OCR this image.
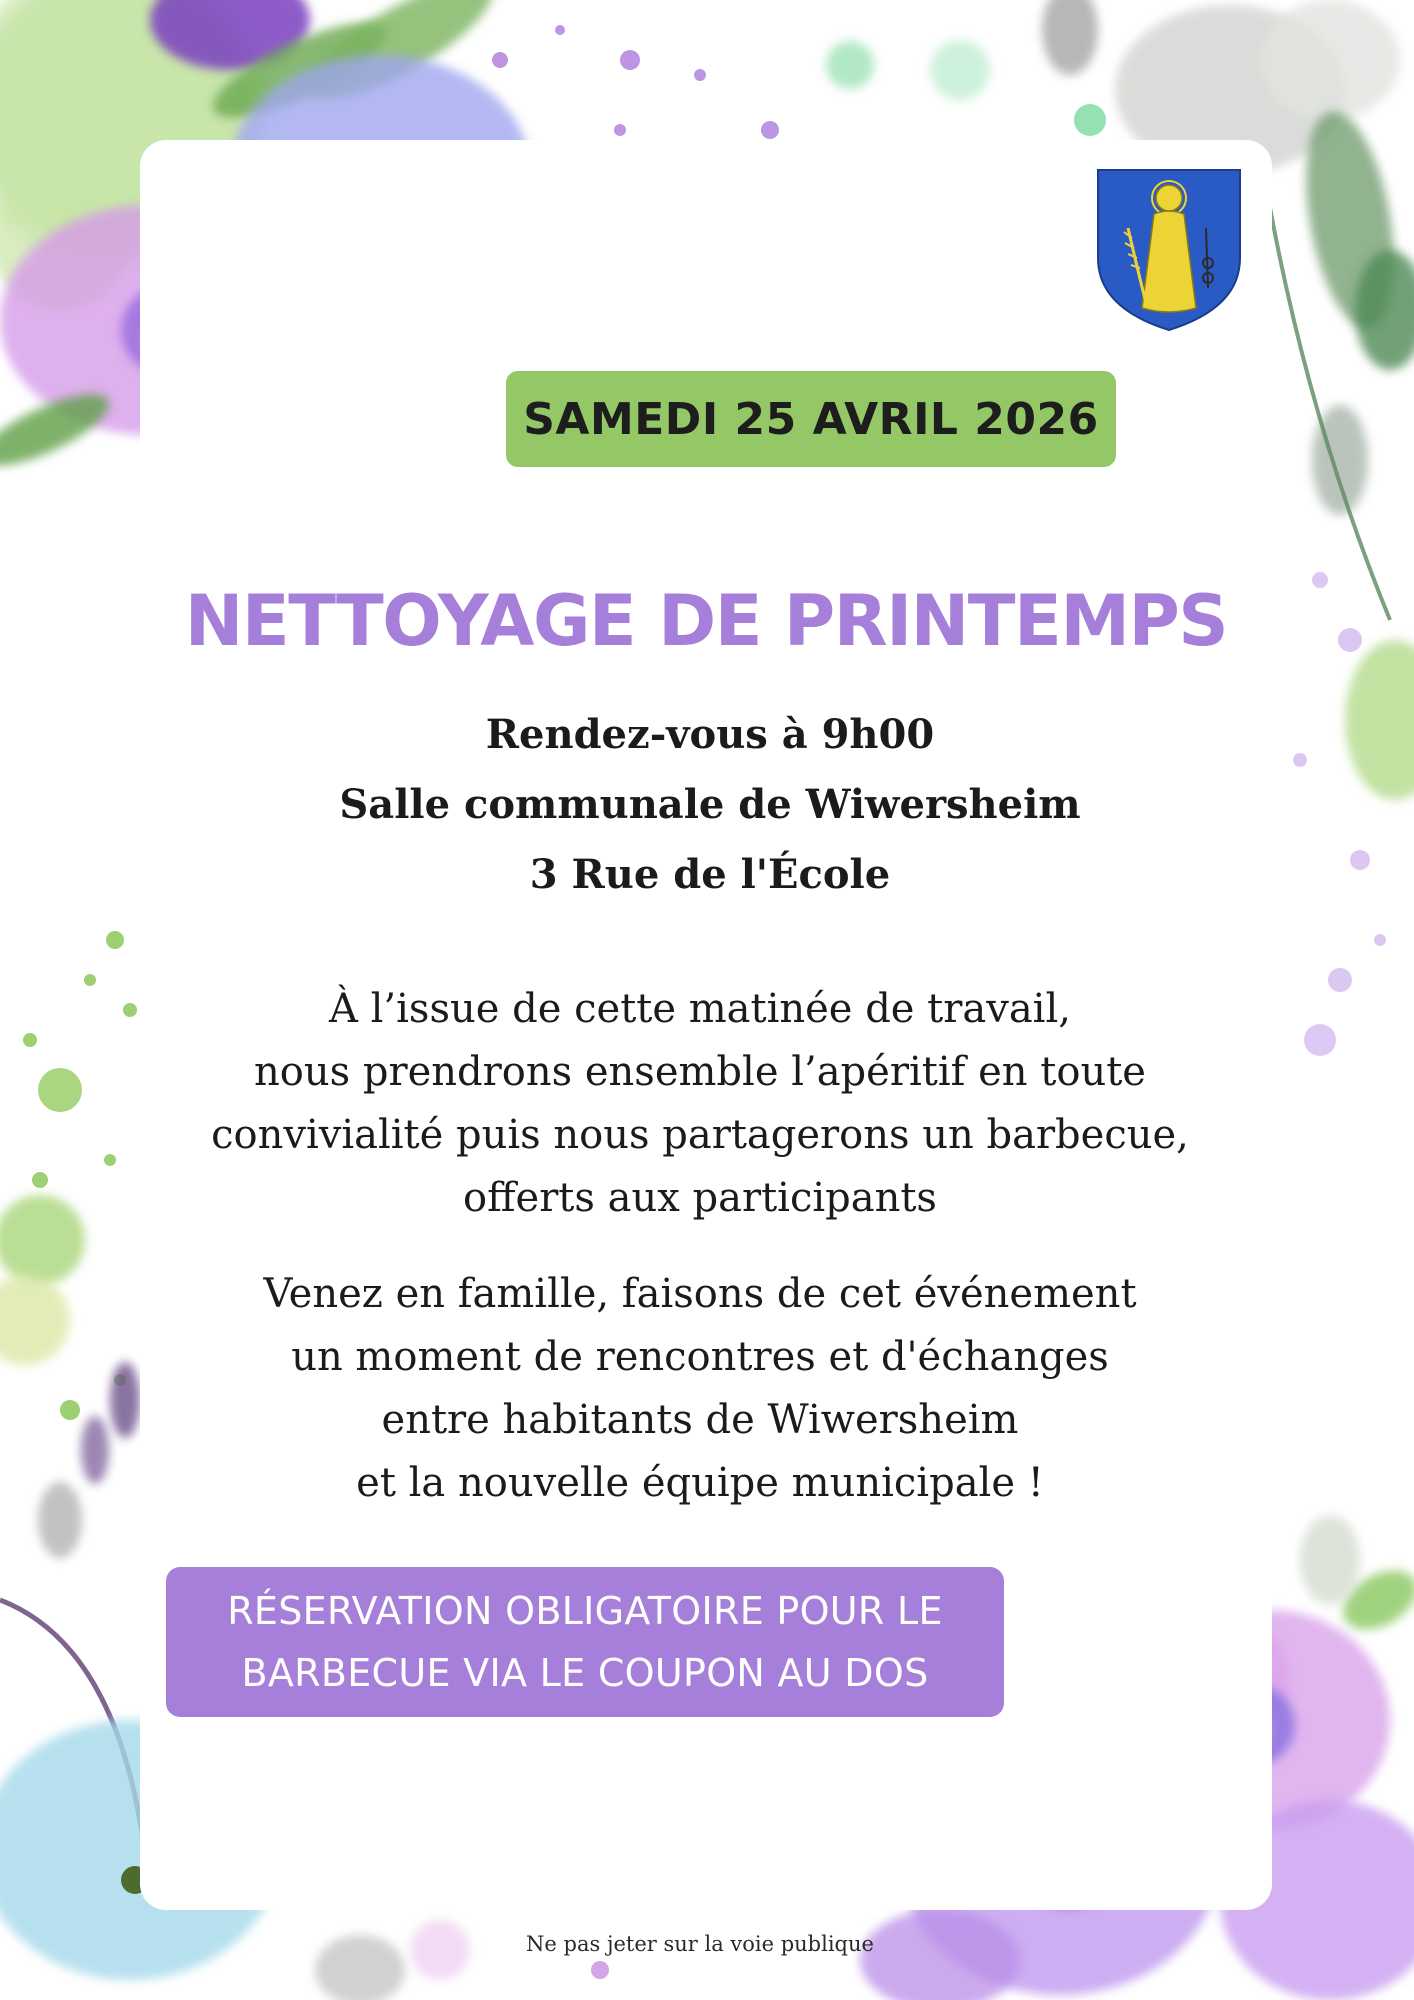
SAMEDI 25 AVRIL 2026
NETTOYAGE DE PRINTEMPS
Rendez-vous à 9h00
Salle communale de Wiwersheim
3 Rue de l'École
À l’issue de cette matinée de travail,
nous prendrons ensemble l’apéritif en toute
convivialité puis nous partagerons un barbecue,
offerts aux participants
Venez en famille, faisons de cet événement
un moment de rencontres et d'échanges
entre habitants de Wiwersheim
et la nouvelle équipe municipale !
RÉSERVATION OBLIGATOIRE POUR LE
BARBECUE VIA LE COUPON AU DOS
Ne pas jeter sur la voie publique
